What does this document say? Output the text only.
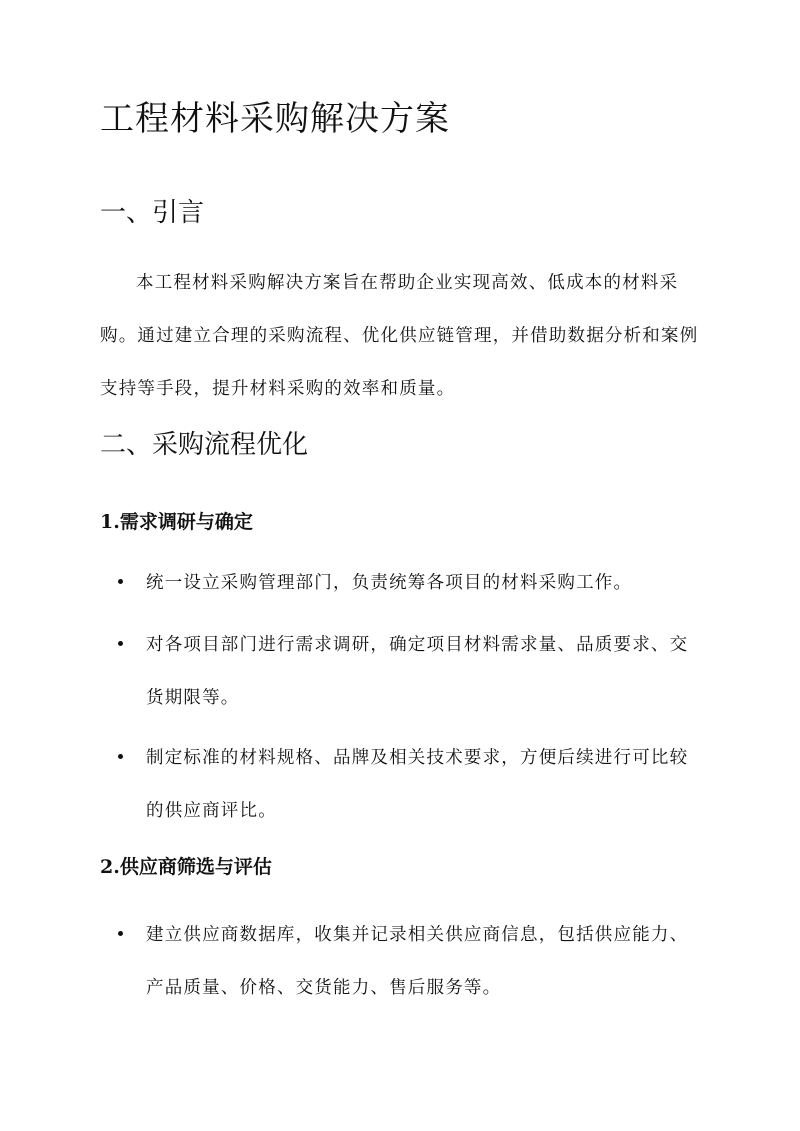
工程材料采购解决方案
一、引言

本工程材料采购解决方案旨在帮助企业实现高效、低成本的材料采购。通过建立合理的采购流程、优化供应链管理，并借助数据分析和案例支持等手段，提升材料采购的效率和质量。

二、采购流程优化
1.需求调研与确定

统一设立采购管理部门，负责统筹各项目的材料采购工作。

对各项目部门进行需求调研，确定项目材料需求量、品质要求、交货期限等。

制定标准的材料规格、品牌及相关技术要求，方便后续进行可比较的供应商评比。

2.供应商筛选与评估

建立供应商数据库，收集并记录相关供应商信息，包括供应能力、产品质量、价格、交货能力、售后服务等。
